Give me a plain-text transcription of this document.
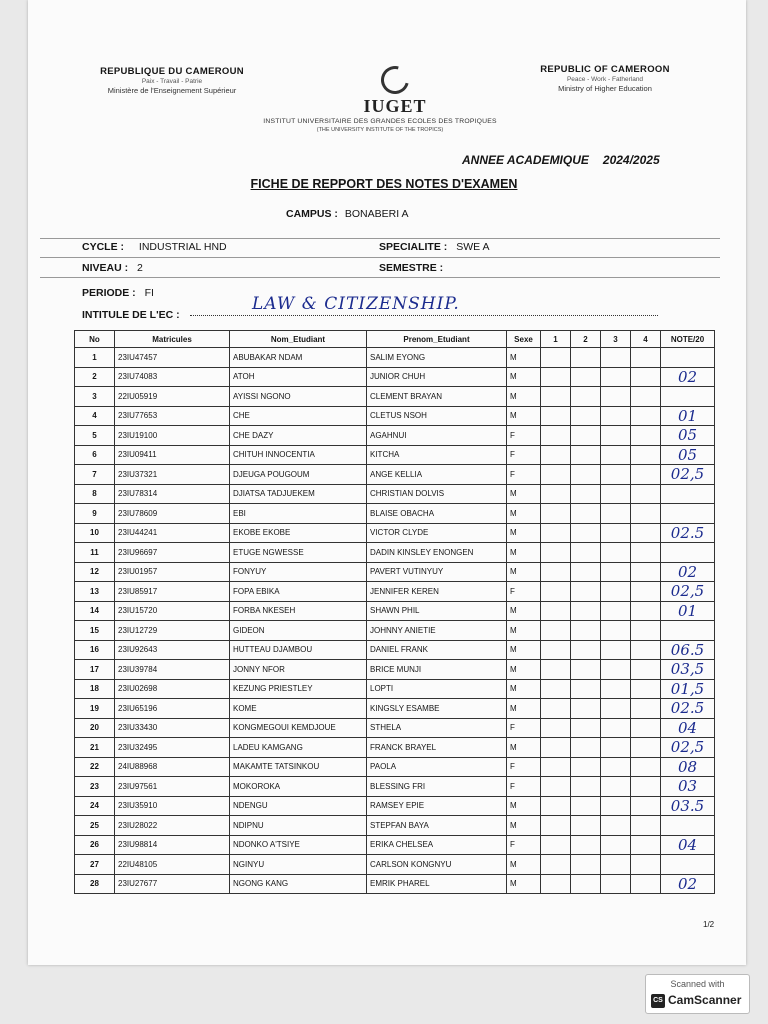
REPUBLIQUE DU CAMEROUN
Paix - Travail - Patrie
Ministère de l'Enseignement Supérieur
IUGET
REPUBLIC OF CAMEROON
Peace - Work - Fatherland
Ministry of Higher Education
INSTITUT UNIVERSITAIRE DES GRANDES ECOLES DES TROPIQUES
(THE UNIVERSITY INSTITUTE OF THE TROPICS)
ANNEE ACADEMIQUE 2024/2025
FICHE DE REPPORT DES NOTES D'EXAMEN
CAMPUS : BONABERI A
CYCLE : INDUSTRIAL HND	SPECIALITE : SWE A
NIVEAU : 2	SEMESTRE :
PERIODE : FI
INTITULE DE L'EC :
LAW & CITIZENSHIP.
No	Matricules	Nom_Etudiant	Prenom_Etudiant	Sexe	1	2	3	4	NOTE/20
1	23IU47457	ABUBAKAR NDAM	SALIM EYONG	M					
2	23IU74083	ATOH	JUNIOR CHUH	M					02
3	22IU05919	AYISSI NGONO	CLEMENT BRAYAN	M					
4	23IU77653	CHE	CLETUS NSOH	M					01
5	23IU19100	CHE DAZY	AGAHNUI	F					05
6	23IU09411	CHITUH INNOCENTIA	KITCHA	F					05
7	23IU37321	DJEUGA POUGOUM	ANGE KELLIA	F					02,5
8	23IU78314	DJIATSA TADJUEKEM	CHRISTIAN DOLVIS	M					
9	23IU78609	EBI	BLAISE OBACHA	M					
10	23IU44241	EKOBE EKOBE	VICTOR CLYDE	M					02.5
11	23IU96697	ETUGE NGWESSE	DADIN KINSLEY ENONGEN	M					
12	23IU01957	FONYUY	PAVERT VUTINYUY	M					02
13	23IU85917	FOPA EBIKA	JENNIFER KEREN	F					02,5
14	23IU15720	FORBA NKESEH	SHAWN PHIL	M					01
15	23IU12729	GIDEON	JOHNNY ANIETIE	M					
16	23IU92643	HUTTEAU DJAMBOU	DANIEL FRANK	M					06.5
17	23IU39784	JONNY NFOR	BRICE MUNJI	M					03,5
18	23IU02698	KEZUNG PRIESTLEY	LOPTI	M					01,5
19	23IU65196	KOME	KINGSLY ESAMBE	M					02.5
20	23IU33430	KONGMEGOUI KEMDJOUE	STHELA	F					04
21	23IU32495	LADEU KAMGANG	FRANCK BRAYEL	M					02,5
22	24IU88968	MAKAMTE TATSINKOU	PAOLA	F					08
23	23IU97561	MOKOROKA	BLESSING FRI	F					03
24	23IU35910	NDENGU	RAMSEY EPIE	M					03.5
25	23IU28022	NDIPNU	STEPFAN BAYA	M					
26	23IU98814	NDONKO A'TSIYE	ERIKA CHELSEA	F					04
27	22IU48105	NGINYU	CARLSON KONGNYU	M					
28	23IU27677	NGONG KANG	EMRIK PHAREL	M					02
1/2
Scanned with
CS CamScanner
